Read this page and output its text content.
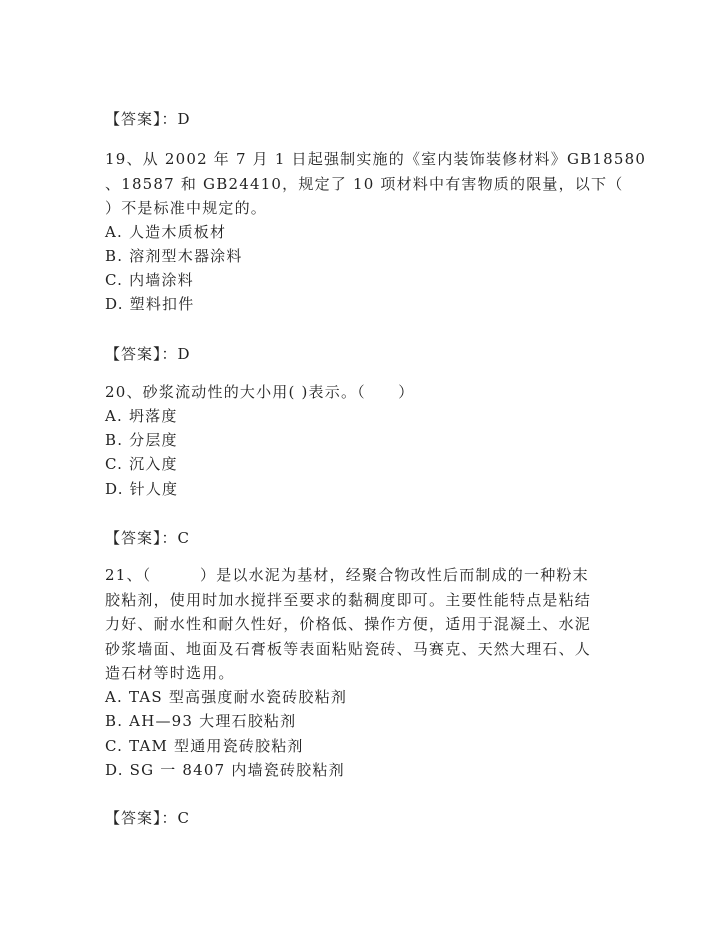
【答案】：D
19、从 2002 年 7 月 1 日起强制实施的《室内装饰装修材料》GB18580
、18587 和 GB24410，规定了 10 项材料中有害物质的限量，以下（
）不是标准中规定的。
A. 人造木质板材
B. 溶剂型木器涂料
C. 内墙涂料
D. 塑料扣件
【答案】：D
20、砂浆流动性的大小用( )表示。（　　）
A. 坍落度
B. 分层度
C. 沉入度
D. 针人度
【答案】：C
21、（　　　）是以水泥为基材，经聚合物改性后而制成的一种粉末
胶粘剂，使用时加水搅拌至要求的黏稠度即可。主要性能特点是粘结
力好、耐水性和耐久性好，价格低、操作方便，适用于混凝土、水泥
砂浆墙面、地面及石膏板等表面粘贴瓷砖、马赛克、天然大理石、人
造石材等时选用。
A. TAS 型高强度耐水瓷砖胶粘剂
B. AH—93 大理石胶粘剂
C. TAM 型通用瓷砖胶粘剂
D. SG 一 8407 内墙瓷砖胶粘剂
【答案】：C
